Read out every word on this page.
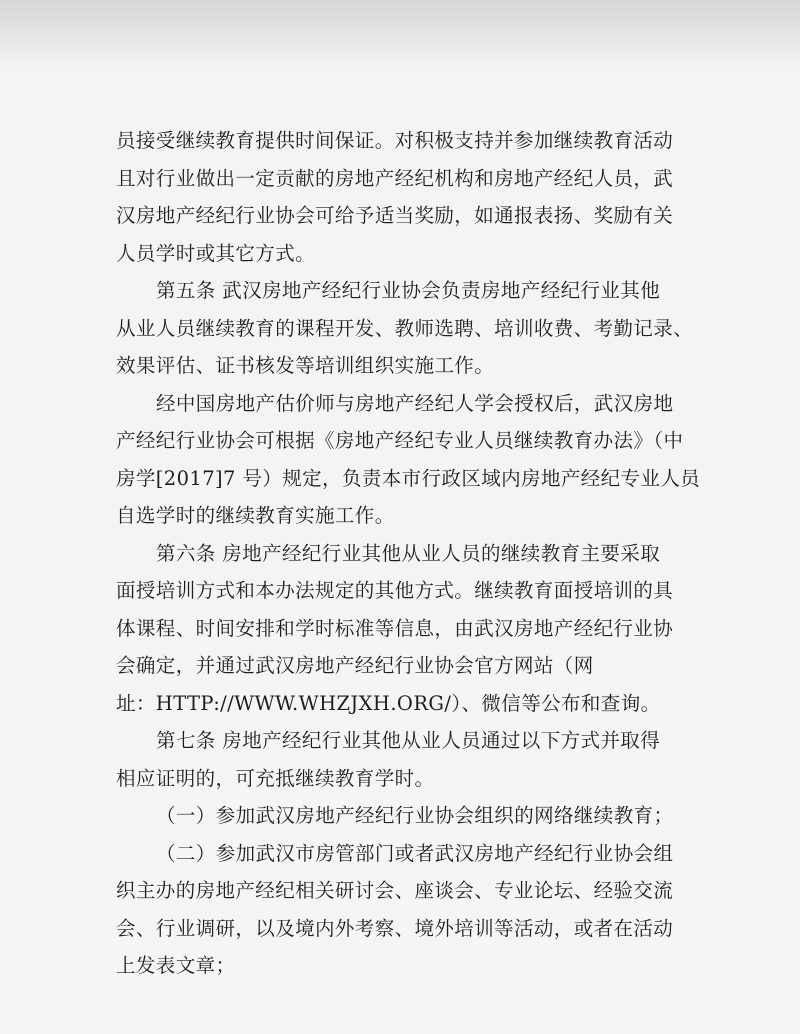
员接受继续教育提供时间保证。对积极支持并参加继续教育活动
且对行业做出一定贡献的房地产经纪机构和房地产经纪人员，武
汉房地产经纪行业协会可给予适当奖励，如通报表扬、奖励有关
人员学时或其它方式。
第五条 武汉房地产经纪行业协会负责房地产经纪行业其他
从业人员继续教育的课程开发、教师选聘、培训收费、考勤记录、
效果评估、证书核发等培训组织实施工作。
经中国房地产估价师与房地产经纪人学会授权后，武汉房地
产经纪行业协会可根据《房地产经纪专业人员继续教育办法》（中
房学[2017]7 号）规定，负责本市行政区域内房地产经纪专业人员
自选学时的继续教育实施工作。
第六条 房地产经纪行业其他从业人员的继续教育主要采取
面授培训方式和本办法规定的其他方式。继续教育面授培训的具
体课程、时间安排和学时标准等信息，由武汉房地产经纪行业协
会确定，并通过武汉房地产经纪行业协会官方网站（网
址：HTTP://WWW.WHZJXH.ORG/）、微信等公布和查询。
第七条 房地产经纪行业其他从业人员通过以下方式并取得
相应证明的，可充抵继续教育学时。
（一）参加武汉房地产经纪行业协会组织的网络继续教育；
（二）参加武汉市房管部门或者武汉房地产经纪行业协会组
织主办的房地产经纪相关研讨会、座谈会、专业论坛、经验交流
会、行业调研，以及境内外考察、境外培训等活动，或者在活动
上发表文章；
